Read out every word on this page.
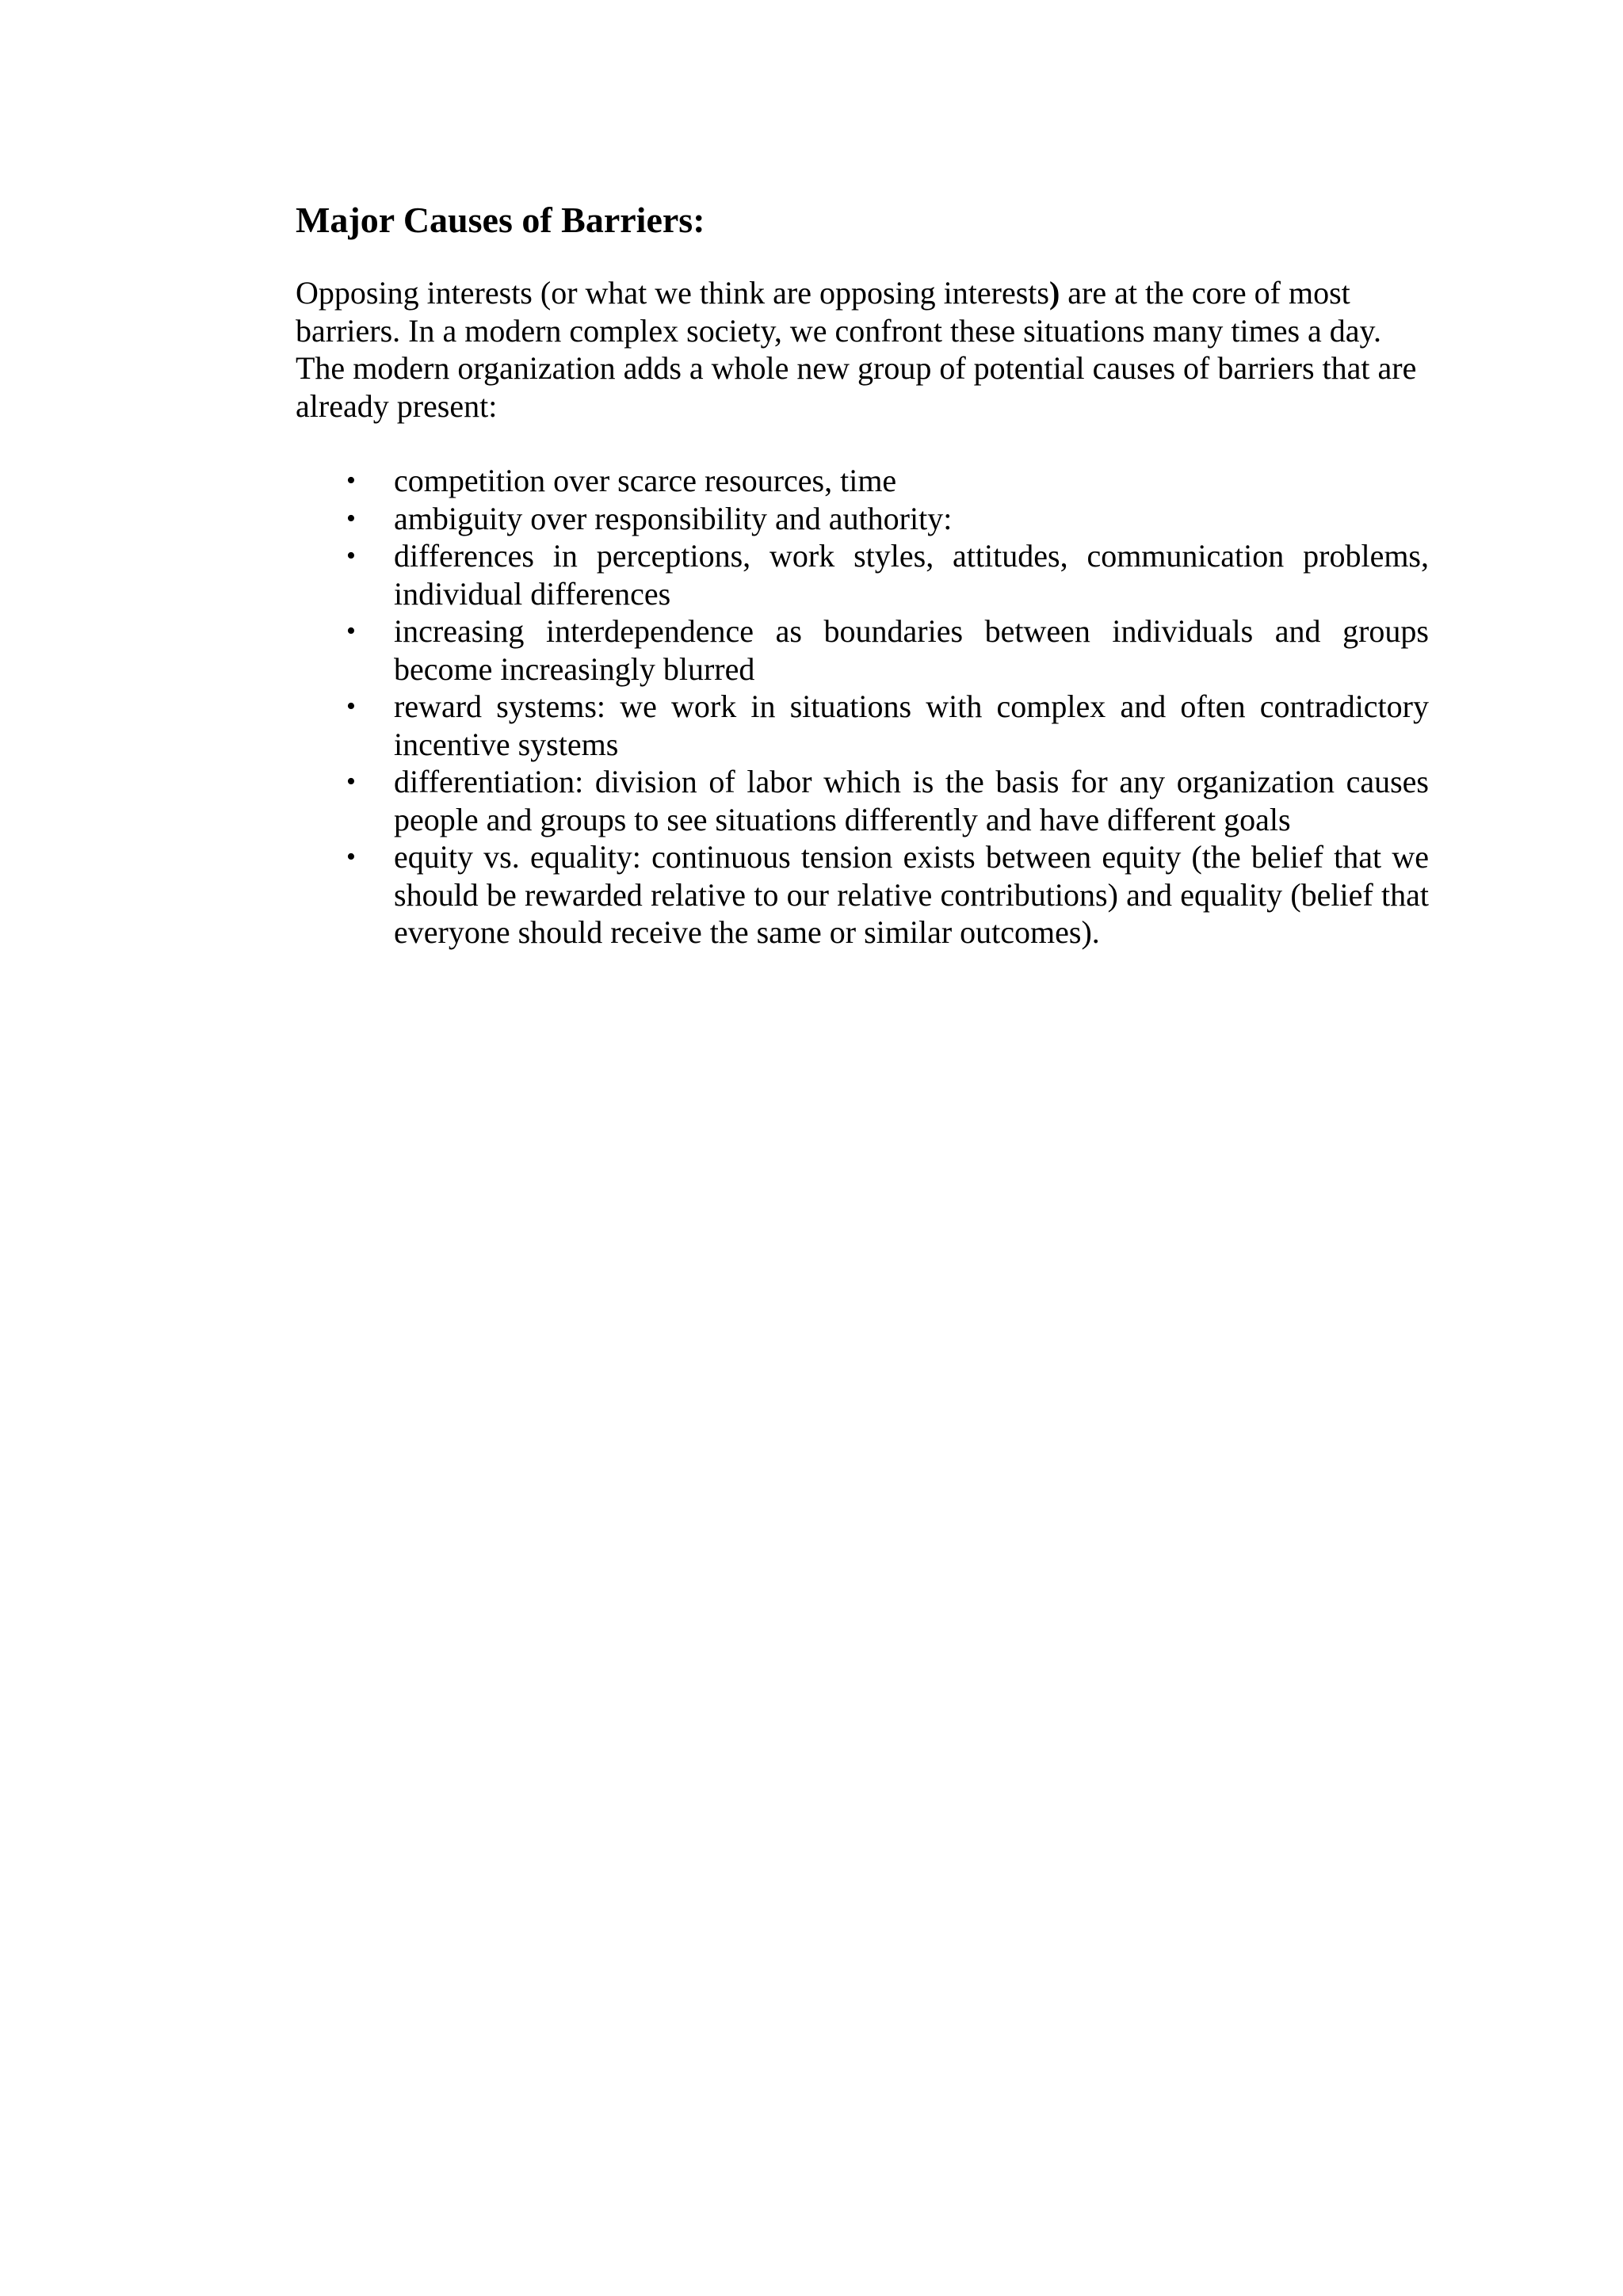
Major Causes of Barriers:

Opposing interests (or what we think are opposing interests) are at the core of most barriers. In a modern complex society, we confront these situations many times a day. The modern organization adds a whole new group of potential causes of barriers that are already present:

• competition over scarce resources, time
• ambiguity over responsibility and authority:
• differences in perceptions, work styles, attitudes, communication problems, individual differences
• increasing interdependence as boundaries between individuals and groups become increasingly blurred
• reward systems: we work in situations with complex and often contradictory incentive systems
• differentiation: division of labor which is the basis for any organization causes people and groups to see situations differently and have different goals
• equity vs. equality: continuous tension exists between equity (the belief that we should be rewarded relative to our relative contributions) and equality (belief that everyone should receive the same or similar outcomes).
